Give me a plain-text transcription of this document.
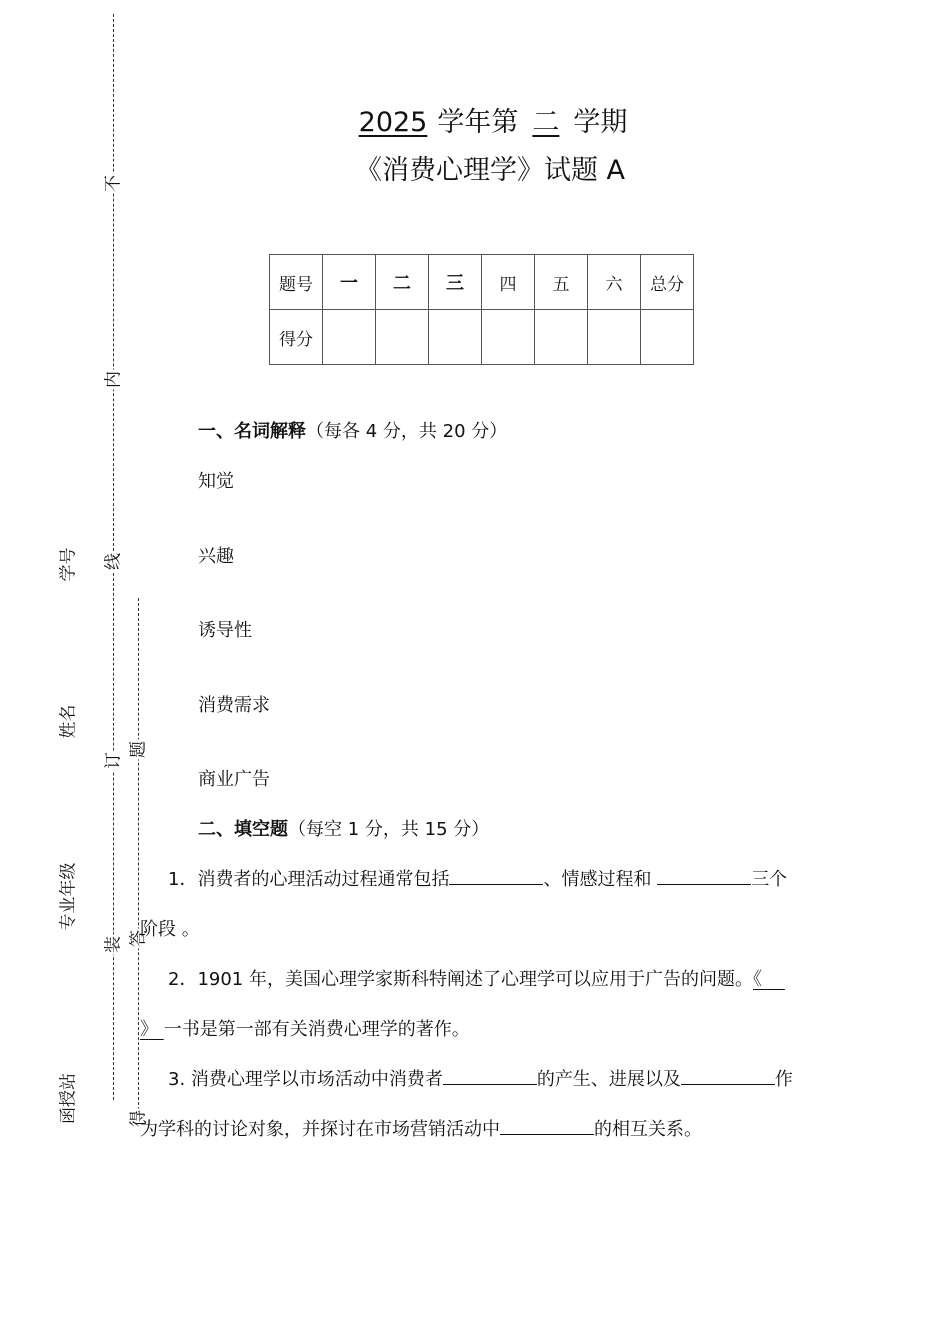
不
内
线
订
装
题
答
得
学号
姓名
专业年级
函授站
2025 学年第 二 学期
《消费心理学》试题 A
题号	一	二	三	四	五	六	总分
得分							
一、名词解释（每各 4 分，共 20 分）
知觉
兴趣
诱导性
消费需求
商业广告
二、填空题（每空 1 分，共 15 分）
1．消费者的心理活动过程通常包括	、情感过程和	三个
阶段 。
2．1901 年，美国心理学家斯科特阐述了心理学可以应用于广告的问题。《
》 一书是第一部有关消费心理学的著作。
3. 消费心理学以市场活动中消费者	的产生、进展以及	作
为学科的讨论对象，并探讨在市场营销活动中	的相互关系。
